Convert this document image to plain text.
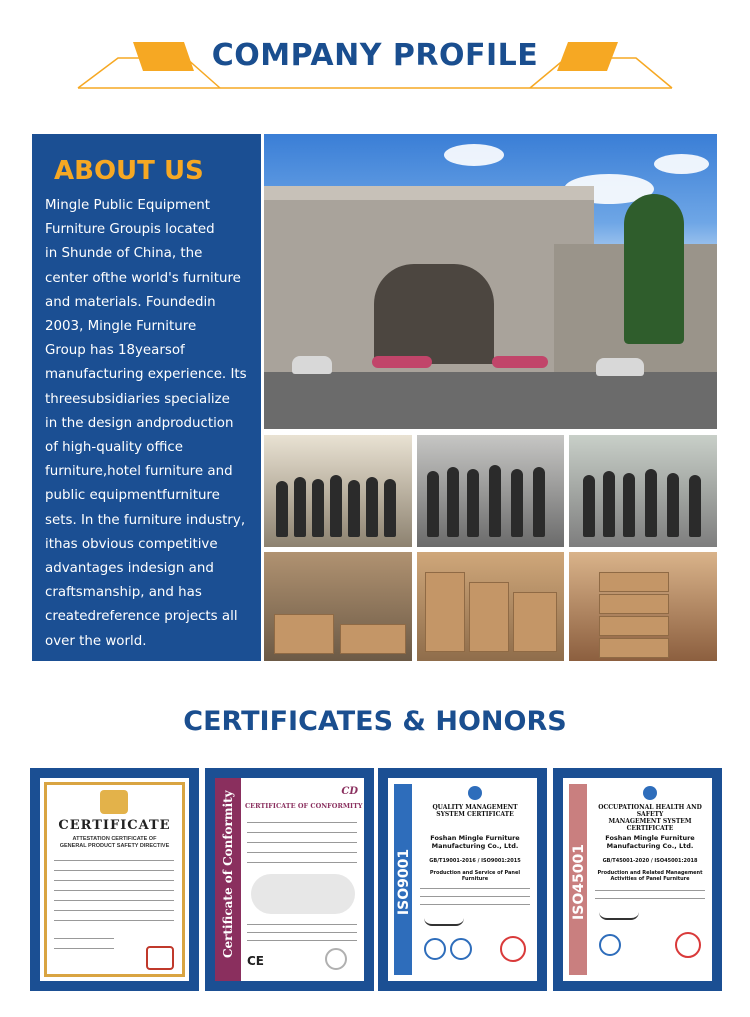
COMPANY PROFILE
ABOUT US
Mingle Public Equipment
Furniture Groupis located
in Shunde of China, the
center ofthe world's furniture
and materials. Foundedin
2003, Mingle Furniture
Group has 18yearsof
manufacturing experience. Its
threesubsidiaries specialize
in the design andproduction
of high-quality office
furniture,hotel furniture and
public equipmentfurniture
sets. In the furniture industry,
ithas obvious competitive
advantages indesign and
craftsmanship, and has
createdreference projects all
over the world.
CERTIFICATES & HONORS
CERTIFICATE
ATTESTATION CERTIFICATE OF
GENERAL PRODUCT SAFETY DIRECTIVE	Certificate of Conformity	CD
CERTIFICATE OF CONFORMITY
CE
ISO9001
QUALITY MANAGEMENT
SYSTEM CERTIFICATE
Foshan Mingle Furniture
Manufacturing Co., Ltd.
GB/T19001-2016 / ISO9001:2015
Production and Service of Panel Furniture	ISO45001
OCCUPATIONAL HEALTH AND SAFETY
MANAGEMENT SYSTEM CERTIFICATE
Foshan Mingle Furniture
Manufacturing Co., Ltd.
GB/T45001-2020 / ISO45001:2018
Production and Related Management Activities of Panel Furniture
